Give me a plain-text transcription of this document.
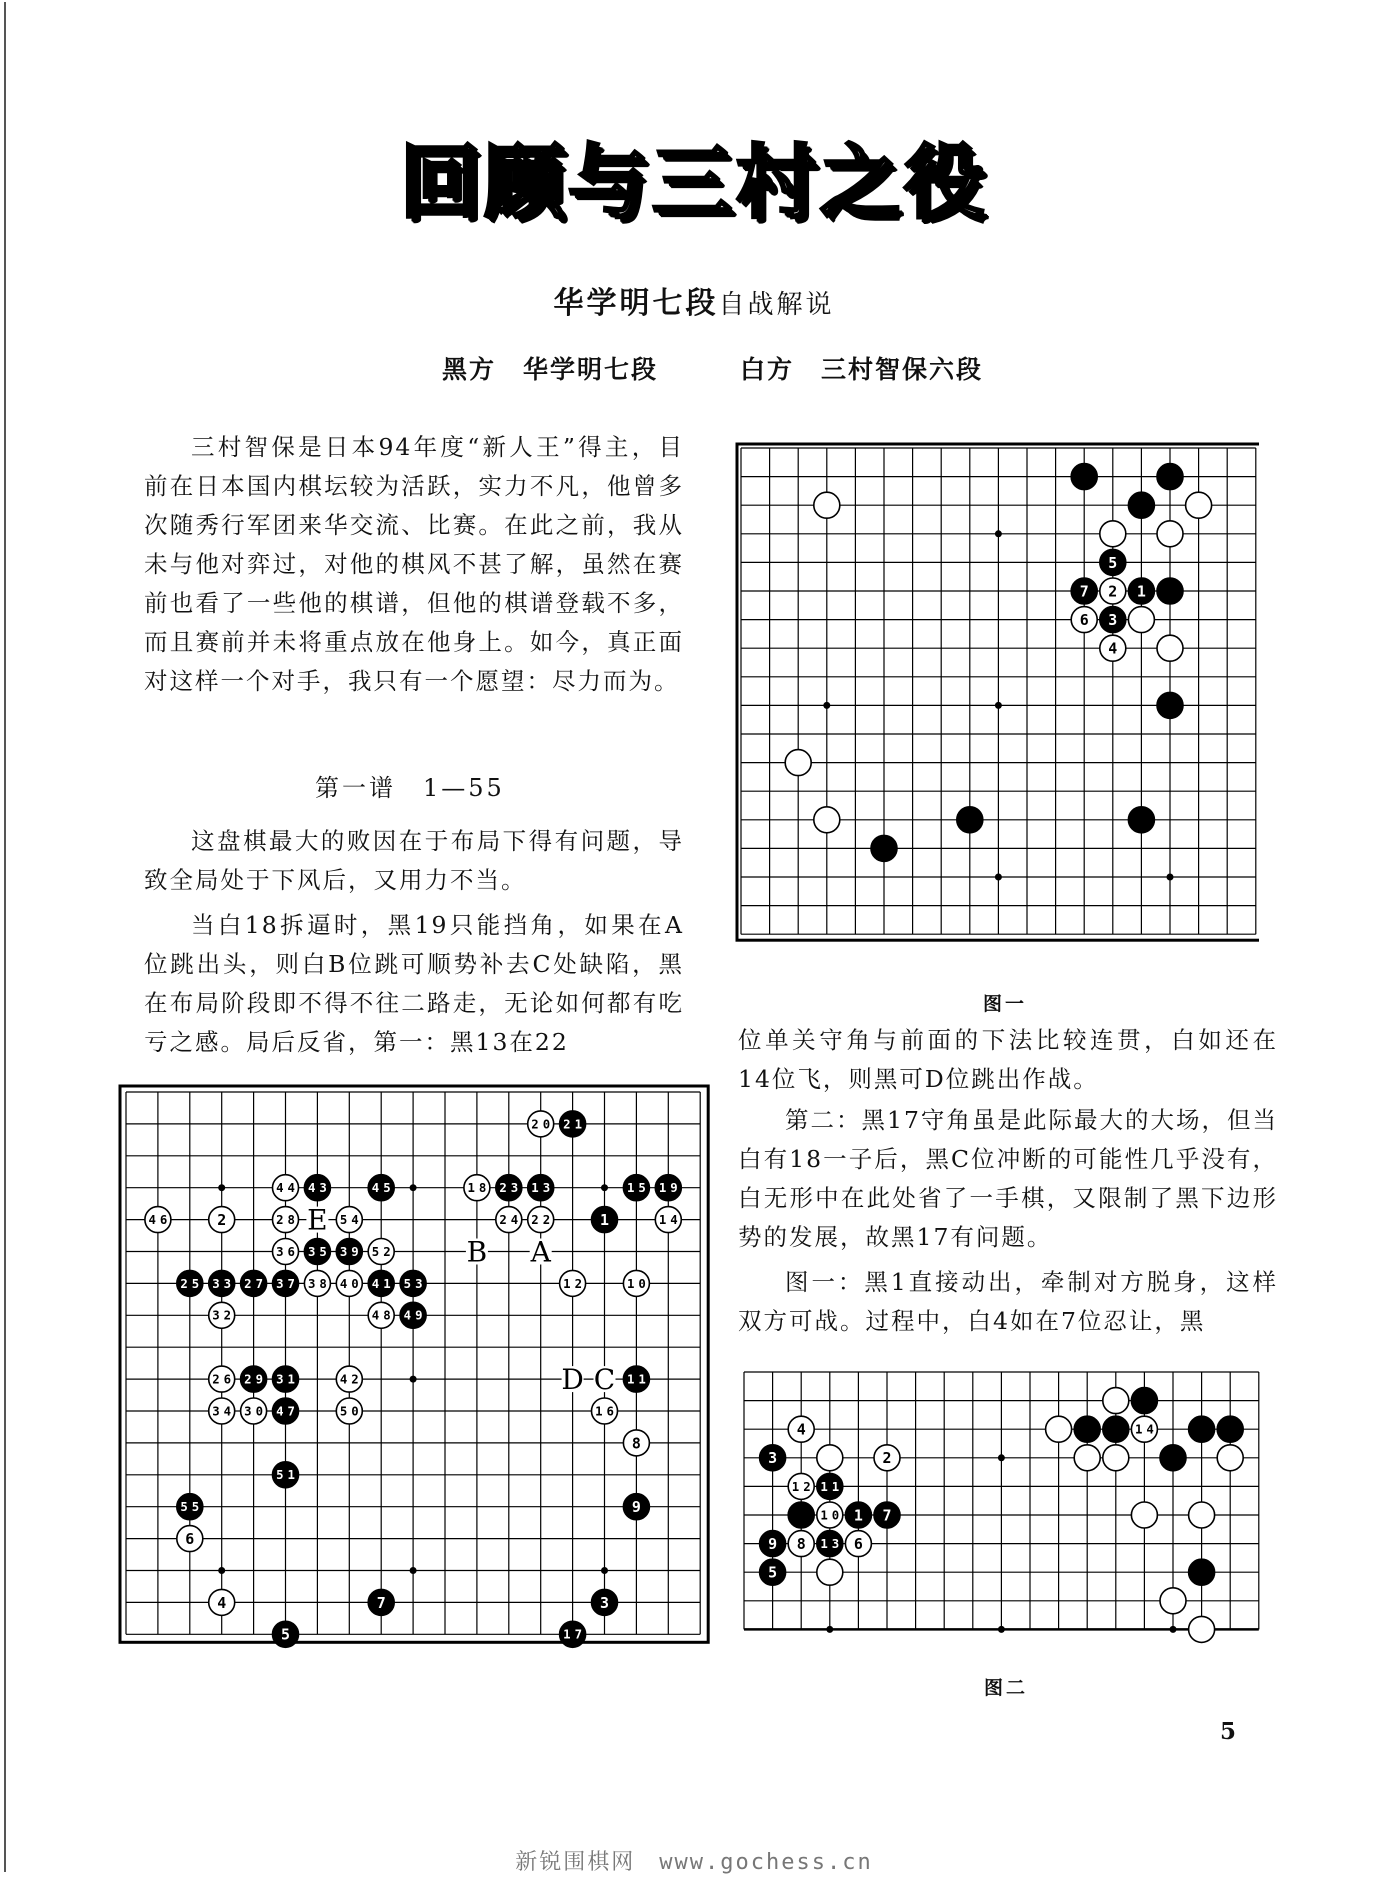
回顾与三村之役
华学明七段自战解说
黑方　华学明七段	白方　三村智保六段

三村智保是日本94年度“新人王”得主，目前在日本国内棋坛较为活跃，实力不凡，他曾多次随秀行军团来华交流、比赛。在此之前，我从未与他对弈过，对他的棋风不甚了解，虽然在赛前也看了一些他的棋谱，但他的棋谱登载不多，而且赛前并未将重点放在他身上。如今，真正面对这样一个对手，我只有一个愿望：尽力而为。

第一谱　1—55

这盘棋最大的败因在于布局下得有问题，导致全局处于下风后，又用力不当。

当白18拆逼时，黑19只能挡角，如果在A位跳出头，则白B位跳可顺势补去C处缺陷，黑在布局阶段即不得不往二路走，无论如何都有吃亏之感。局后反省，第一：黑13在22	位单关守角与前面的下法比较连贯，白如还在14位飞，则黑可D位跳出作战。

第二：黑17守角虽是此际最大的大场，但当白有18一子后，黑C位冲断的可能性几乎没有，白无形中在此处省了一手棋，又限制了黑下边形势的发展，故黑17有问题。

图一：黑1直接动出，牵制对方脱身，这样双方可战。过程中，白4如在7位忍让，黑

A
B
C
D
E	1
2
3
4
5
6
7
8
9
10
11
12
13
14
15
16
17
18	19
20 21
22
23
24
25
26
27
28
29
30
31
32
33
34
35
36
37 38
39
40 41
42
43
44	45
46
47
48 49
50
51
52
53
54
55
5
7 2 1
6 3
4
图一
4	14
3	2
12 11
10 1 7
9 8 13 6
5
图二
5
新锐围棋网　www.gochess.cn
